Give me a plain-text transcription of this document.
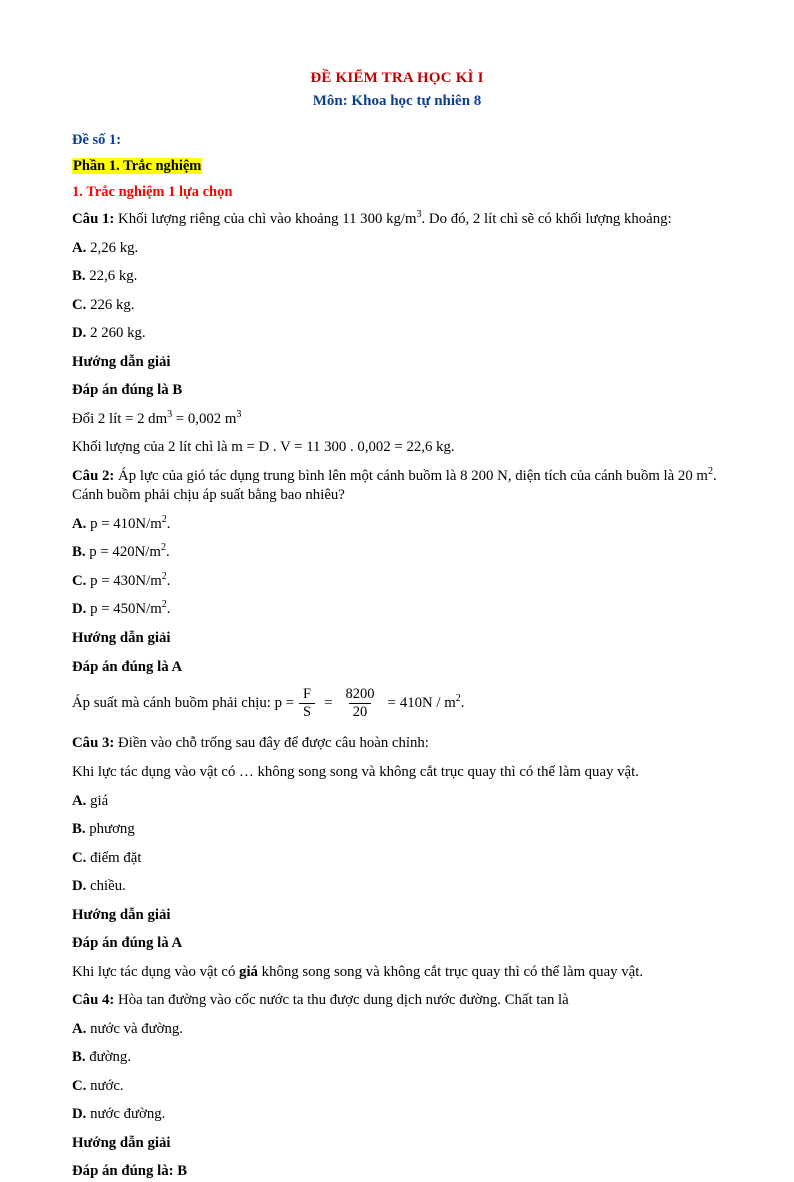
ĐỀ KIỂM TRA HỌC KÌ I
Môn: Khoa học tự nhiên 8
Đề số 1:
Phần 1. Trắc nghiệm
1. Trắc nghiệm 1 lựa chọn

Câu 1: Khối lượng riêng của chì vào khoảng 11 300 $kg/m^3$. Do đó, 2 lít chì sẽ có khối lượng khoảng:

A. 2,26 kg.

B. 22,6 kg.

C. 226 kg.

D. 2 260 kg.

Hướng dẫn giải

Đáp án đúng là B

Đổi 2 lít = 2 $dm^3 = 0,002$ $m^3$

Khối lượng của 2 lít chì là m = D . V = 11 300 . 0,002 = 22,6 kg.

Câu 2: Áp lực của gió tác dụng trung bình lên một cánh buồm là 8 200 N, diện tích của cánh buồm là 20 $m^2$. Cánh buồm phải chịu áp suất bằng bao nhiêu?

A. $p = 410N/m^2$.

B. $p = 420N/m^2$.

C. $p = 430N/m^2$.

D. $p = 450N/m^2$.

Hướng dẫn giải

Đáp án đúng là A

Áp suất mà cánh buồm phải chịu: $p = \frac{F}{S} = \frac{8200}{20} = 410N / m^2$.

Câu 3: Điền vào chỗ trống sau đây để được câu hoàn chỉnh:

Khi lực tác dụng vào vật có … không song song và không cắt trục quay thì có thể làm quay vật.

A. giá

B. phương

C. điểm đặt

D. chiều.

Hướng dẫn giải

Đáp án đúng là A

Khi lực tác dụng vào vật có giá không song song và không cắt trục quay thì có thể làm quay vật.

Câu 4: Hòa tan đường vào cốc nước ta thu được dung dịch nước đường. Chất tan là

A. nước và đường.

B. đường.

C. nước.

D. nước đường.

Hướng dẫn giải

Đáp án đúng là: B
